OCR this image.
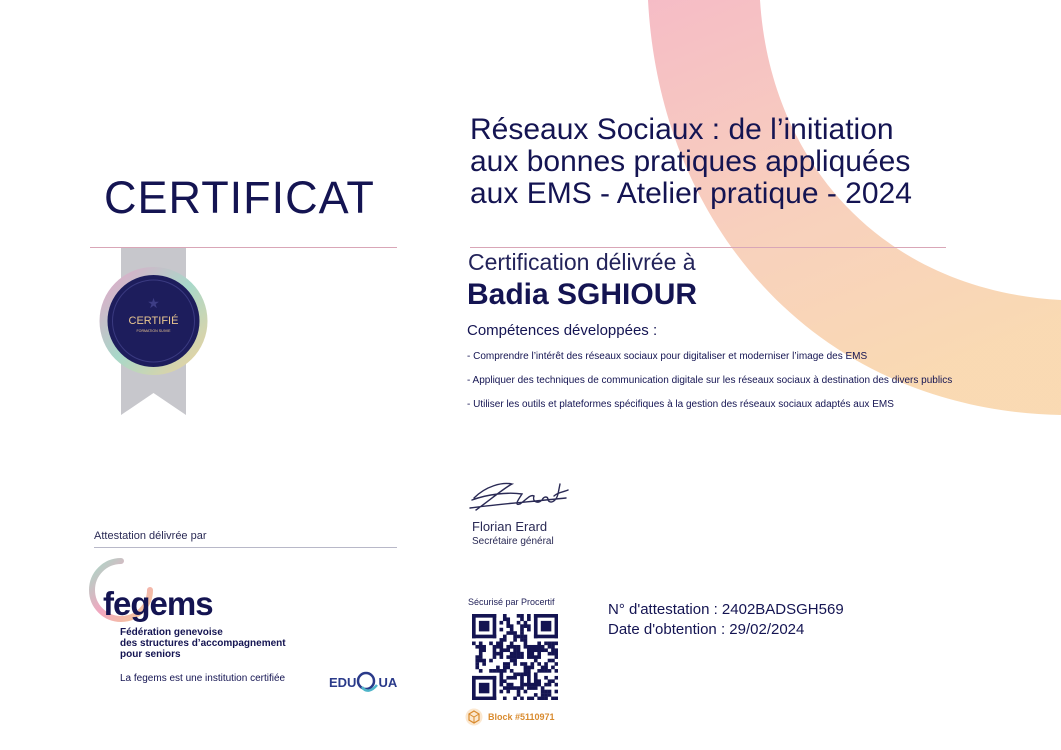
CERTIFICAT
★
CERTIFIÉ
FORMATION SUIVIE
Réseaux Sociaux : de l’initiation
aux bonnes pratiques appliquées
aux EMS - Atelier pratique - 2024
Certification délivrée à
Badia SGHIOUR
Compétences développées :
- Comprendre l’intérêt des réseaux sociaux pour digitaliser et moderniser l’image des EMS
- Appliquer des techniques de communication digitale sur les réseaux sociaux à destination des divers publics
- Utiliser les outils et plateformes spécifiques à la gestion des réseaux sociaux adaptés aux EMS
Erard
Florian Erard
Secrétaire général
Sécurisé par Procertif
Block #5110971
N° d'attestation : 2402BADSGH569
Date d'obtention : 29/02/2024
Attestation délivrée par
fegems
Fédération genevoise
des structures d’accompagnement
pour seniors
La fegems est une institution certifiée	EDU UA
